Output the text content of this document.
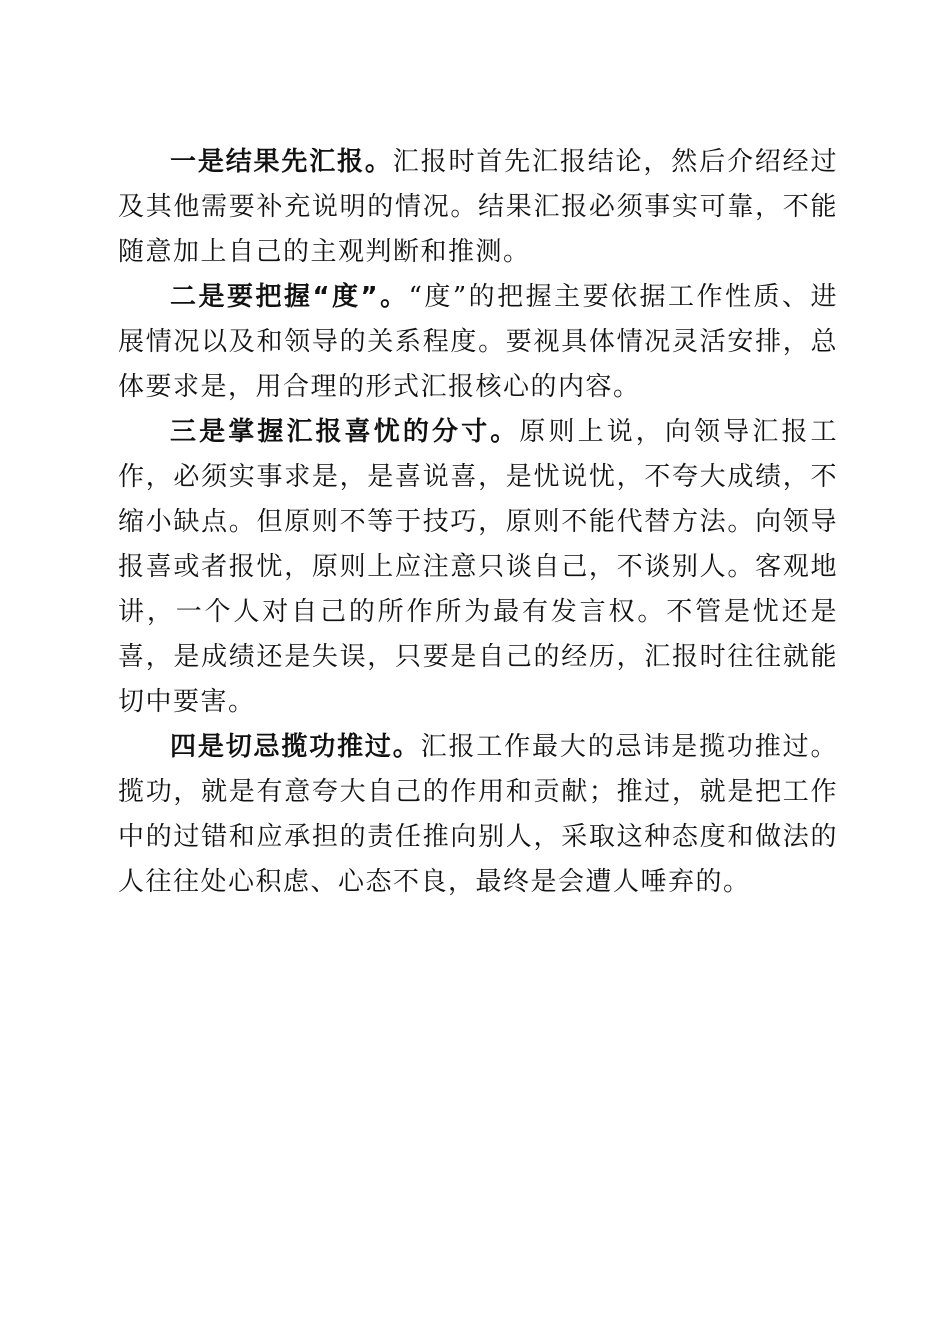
一是结果先汇报。汇报时首先汇报结论，然后介绍经过及其他需要补充说明的情况。结果汇报必须事实可靠，不能随意加上自己的主观判断和推测。

二是要把握“度”。“度”的把握主要依据工作性质、进展情况以及和领导的关系程度。要视具体情况灵活安排，总体要求是，用合理的形式汇报核心的内容。

三是掌握汇报喜忧的分寸。原则上说，向领导汇报工作，必须实事求是，是喜说喜，是忧说忧，不夸大成绩，不缩小缺点。但原则不等于技巧，原则不能代替方法。向领导报喜或者报忧，原则上应注意只谈自己，不谈别人。客观地讲，一个人对自己的所作所为最有发言权。不管是忧还是喜，是成绩还是失误，只要是自己的经历，汇报时往往就能切中要害。

四是切忌揽功推过。汇报工作最大的忌讳是揽功推过。揽功，就是有意夸大自己的作用和贡献；推过，就是把工作中的过错和应承担的责任推向别人，采取这种态度和做法的人往往处心积虑、心态不良，最终是会遭人唾弃的。
